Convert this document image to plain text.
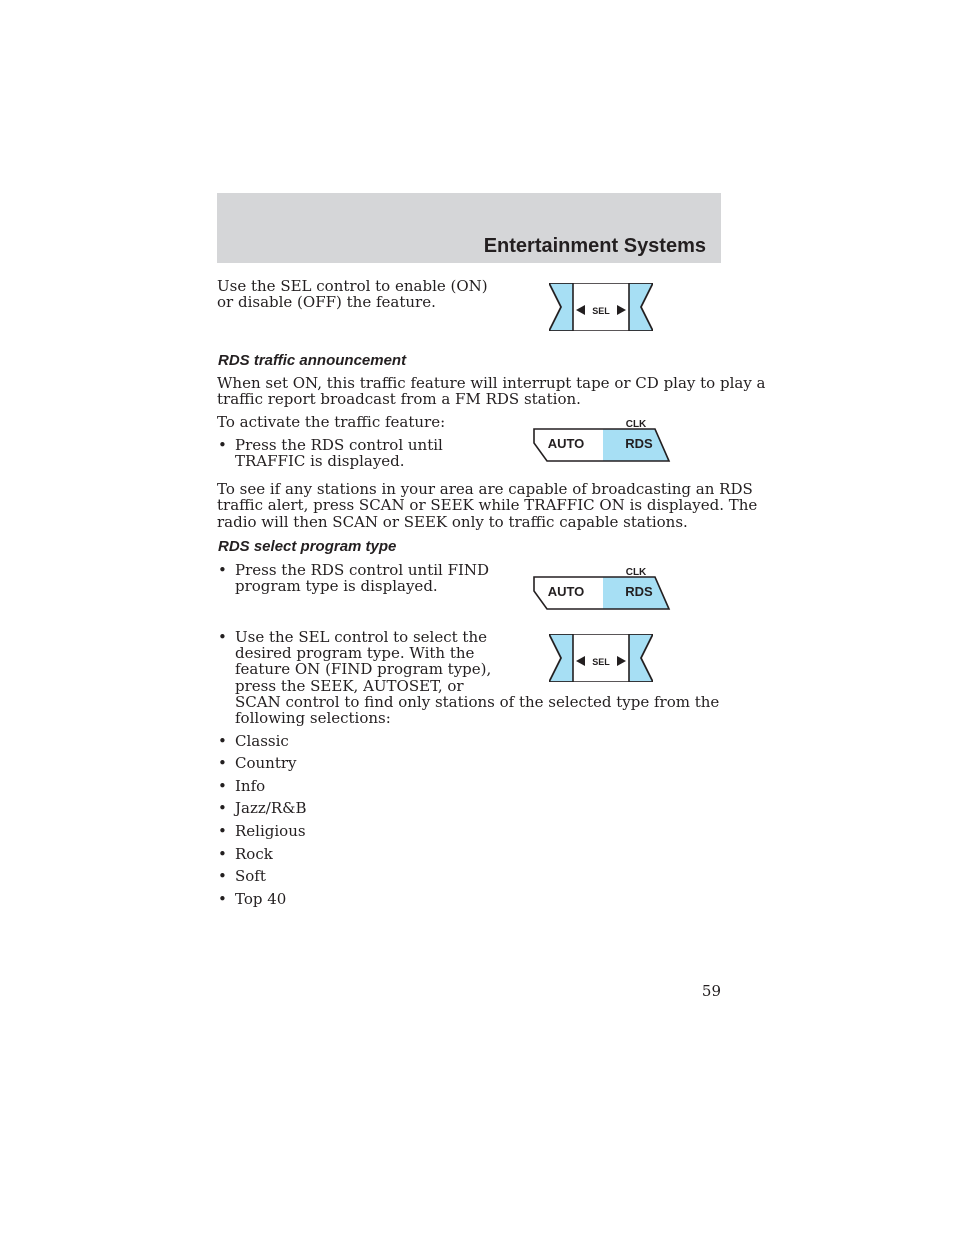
Entertainment Systems

Use the SEL control to enable (ON)

or disable (OFF) the feature.	SEL
RDS traffic announcement

When set ON, this traffic feature will interrupt tape or CD play to play a

traffic report broadcast from a FM RDS station.

To activate the traffic feature:

• Press the RDS control until
TRAFFIC is displayed.
CLK
AUTO	RDS

To see if any stations in your area are capable of broadcasting an RDS

traffic alert, press SCAN or SEEK while TRAFFIC ON is displayed. The

radio will then SCAN or SEEK only to traffic capable stations.

RDS select program type
• Press the RDS control until FIND
program type is displayed.
CLK
AUTO	RDS
• Use the SEL control to select the
desired program type. With the
feature ON (FIND program type),
press the SEEK, AUTOSET, or
SCAN control to find only stations of the selected type from the
following selections:
SEL
• Classic
• Country
• Info
• Jazz/R&B
• Religious
• Rock
• Soft
• Top 40
59
